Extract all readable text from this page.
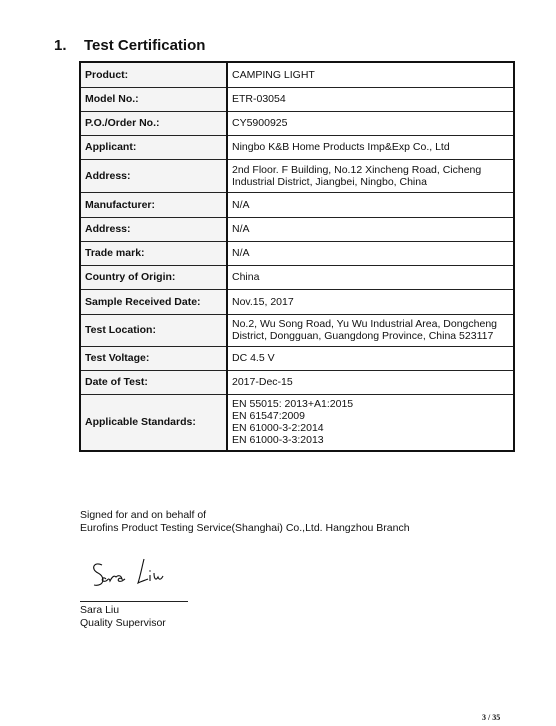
1. Test Certification
Product:	CAMPING LIGHT

Model No.:	ETR-03054

P.O./Order No.:	CY5900925

Applicant:	Ningbo K&B Home Products Imp&Exp Co., Ltd

Address:	2nd Floor. F Building, No.12 Xincheng Road, Cicheng
Industrial District, Jiangbei, Ningbo, China

Manufacturer:	N/A

Address:	N/A

Trade mark:	N/A

Country of Origin:	China

Sample Received Date:	Nov.15, 2017

Test Location:	No.2, Wu Song Road, Yu Wu Industrial Area, Dongcheng
District, Dongguan, Guangdong Province, China 523117

Test Voltage:	DC 4.5 V

Date of Test:	2017-Dec-15

Applicable Standards:	EN 55015: 2013+A1:2015
EN 61547:2009
EN 61000-3-2:2014
EN 61000-3-3:2013
Signed for and on behalf of
Eurofins Product Testing Service(Shanghai) Co.,Ltd. Hangzhou Branch
Sara Liu
Quality Supervisor
3 / 35
